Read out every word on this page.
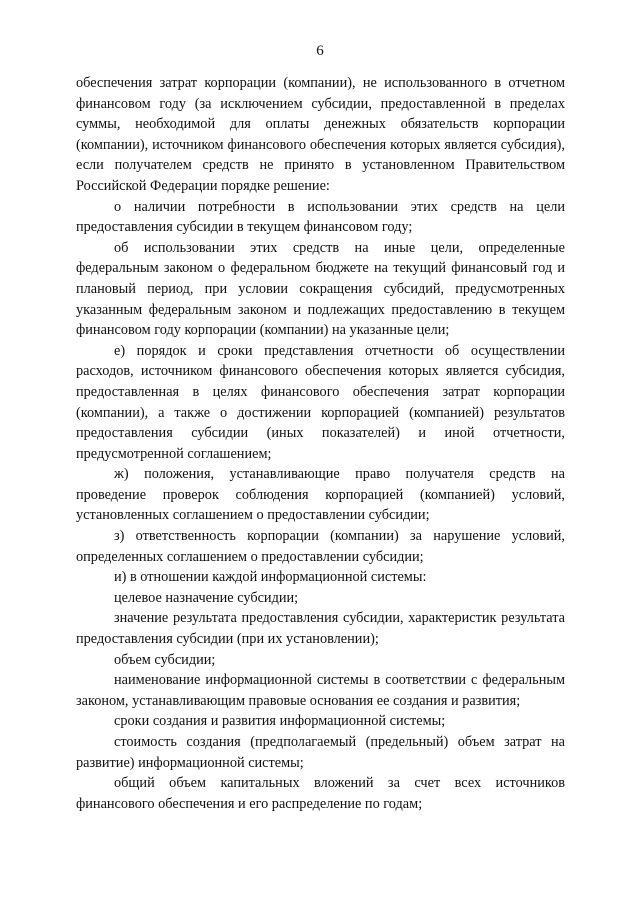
6

обеспечения затрат корпорации (компании), не использованного в отчетном финансовом году (за исключением субсидии, предоставленной в пределах суммы, необходимой для оплаты денежных обязательств корпорации (компании), источником финансового обеспечения которых является субсидия), если получателем средств не принято в установленном Правительством Российской Федерации порядке решение:

о наличии потребности в использовании этих средств на цели предоставления субсидии в текущем финансовом году;

об использовании этих средств на иные цели, определенные федеральным законом о федеральном бюджете на текущий финансовый год и плановый период, при условии сокращения субсидий, предусмотренных указанным федеральным законом и подлежащих предоставлению в текущем финансовом году корпорации (компании) на указанные цели;

е) порядок и сроки представления отчетности об осуществлении расходов, источником финансового обеспечения которых является субсидия, предоставленная в целях финансового обеспечения затрат корпорации (компании), а также о достижении корпорацией (компанией) результатов предоставления субсидии (иных показателей) и иной отчетности, предусмотренной соглашением;

ж) положения, устанавливающие право получателя средств на проведение проверок соблюдения корпорацией (компанией) условий, установленных соглашением о предоставлении субсидии;

з) ответственность корпорации (компании) за нарушение условий, определенных соглашением о предоставлении субсидии;

и) в отношении каждой информационной системы:

целевое назначение субсидии;

значение результата предоставления субсидии, характеристик результата предоставления субсидии (при их установлении);

объем субсидии;

наименование информационной системы в соответствии с федеральным законом, устанавливающим правовые основания ее создания и развития;

сроки создания и развития информационной системы;

стоимость создания (предполагаемый (предельный) объем затрат на развитие) информационной системы;

общий объем капитальных вложений за счет всех источников финансового обеспечения и его распределение по годам;
